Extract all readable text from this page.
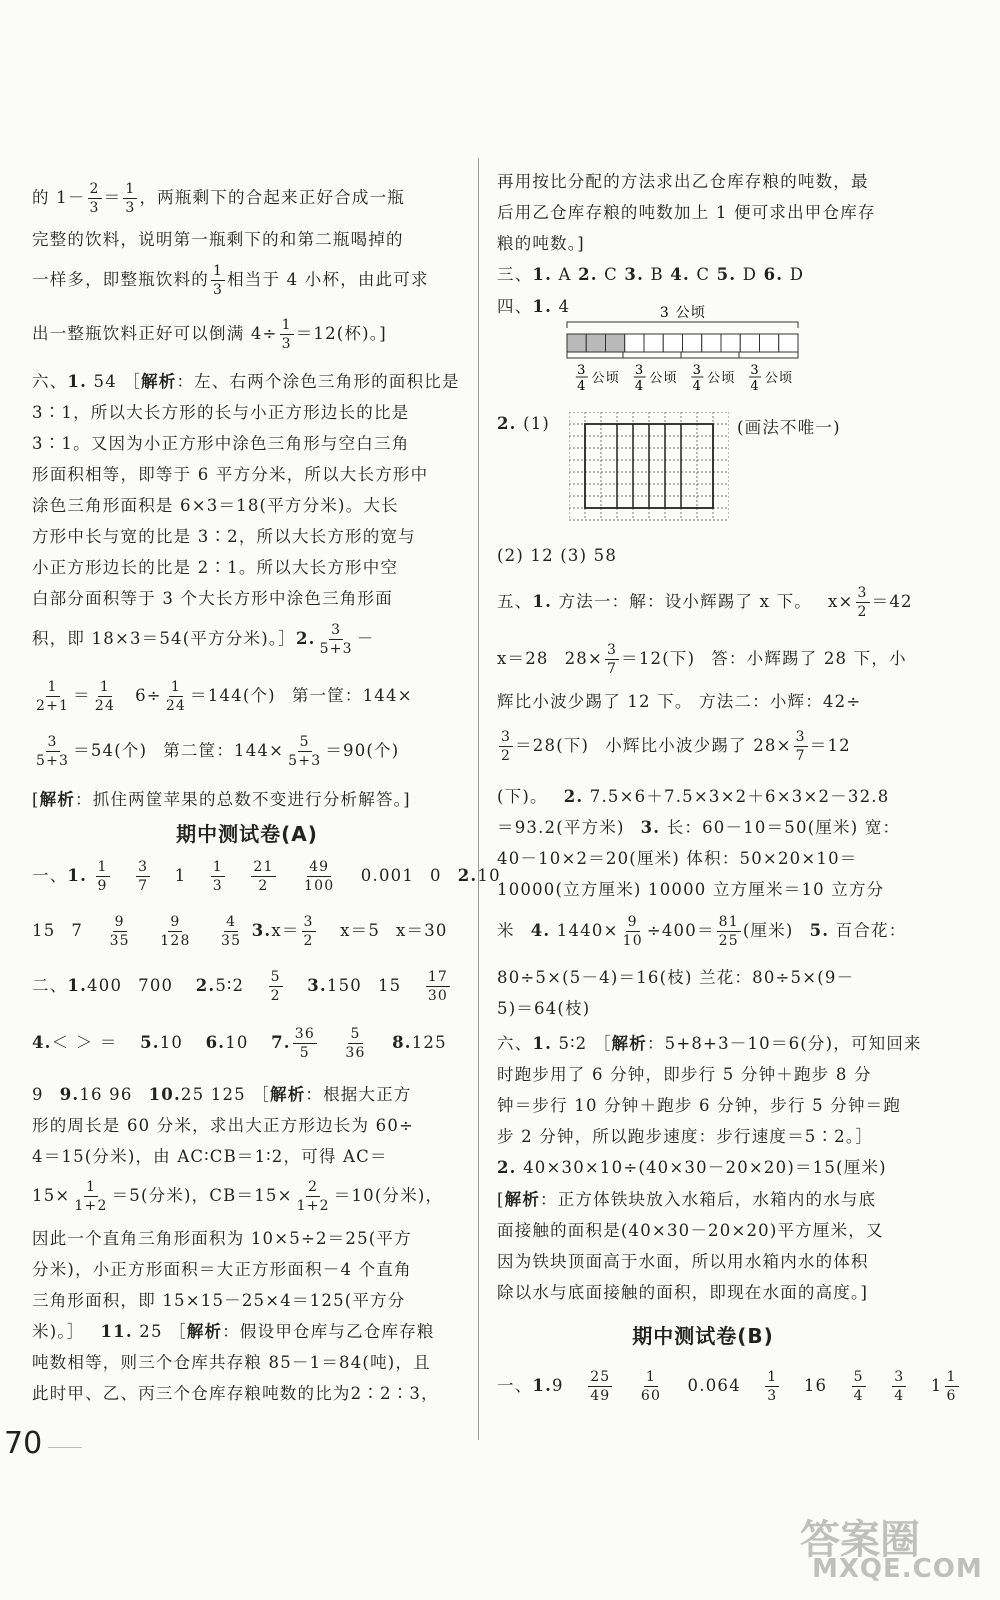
的 $1- \frac{2}{3} = \frac{1}{3}$ ，两瓶剩下的合起来正好合成一瓶
完整的饮料，说明第一瓶剩下的和第二瓶喝掉的
一样多，即整瓶饮料的 $\frac{1}{3}$ 相当于 4 小杯，由此可求
出一整瓶饮料正好可以倒满 $4\div \frac{1}{3} =12$(杯)。]
六、1. 54 ［解析：左、右两个涂色三角形的面积比是
3∶1，所以大长方形的长与小正方形边长的比是
3∶1。又因为小正方形中涂色三角形与空白三角
形面积相等，即等于 6 平方分米，所以大长方形中
涂色三角形面积是 6×3＝18(平方分米)。大长
方形中长与宽的比是 3∶2，所以大长方形的宽与
小正方形边长的比是 2∶1。所以大长方形中空
白部分面积等于 3 个大长方形中涂色三角形面
积，即 18×3＝54(平方分米)。］2. $\frac{3}{5+3}$ －
$\frac{1}{2+1} = \frac{1}{24} 6\div \frac{1}{24} =144$(个) 第一筐：144×
$\frac{3}{5+3} =54$(个) 第二筐：$144\times \frac{5}{5+3} =90$(个)
[解析：抓住两筐苹果的总数不变进行分析解答。]
期中测试卷(A)
一、1. $\frac{1}{9}$
$\frac{3}{7} 1 \frac{1}{3}$
$\frac{21}{2}$
$\frac{49}{100} 0.001$ 0 2.10
15 $7 \frac{9}{35}$
$\frac{9}{128}$
$\frac{4}{35} 3.x= \frac{3}{2} x=5$ x＝30
二、1.400 700 2.5∶2 $\frac{5}{2} 3.150$ $15 \frac{17}{30}$
4.＜ ＞ ＝ 5.10 6.10 7. $\frac{36}{5}$
$\frac{5}{36} 8.125$
9 9.16 96 10.25 125 ［解析：根据大正方
形的周长是 60 分米，求出大正方形边长为 60÷
4＝15(分米)，由 AC∶CB＝1∶2，可得 AC＝
$15\times \frac{1}{1+2} =5$(分米)，$CB=15\times \frac{2}{1+2} =10$(分米)，
因此一个直角三角形面积为 10×5÷2＝25(平方
分米)，小正方形面积＝大正方形面积－4 个直角
三角形面积，即 15×15－25×4＝125(平方分
米)。］ 11. 25 ［解析：假设甲仓库与乙仓库存粮
吨数相等，则三个仓库共存粮 85－1＝84(吨)，且
此时甲、乙、丙三个仓库存粮吨数的比为2∶2∶3，
再用按比分配的方法求出乙仓库存粮的吨数，最
后用乙仓库存粮的吨数加上 1 便可求出甲仓库存
粮的吨数。]
三、1. A 2. C 3. B 4. C 5. D 6. D
四、1. 4	3 公顷
3
4
公顷
3
4
公顷
3
4
公顷
3
4
公顷
2. (1)	(画法不唯一)
(2) 12 (3) 58
五、1. 方法一：解：设小辉踢了 x 下。 $x\times \frac{3}{2} =42$
x＝28 $28\times \frac{3}{7} =12$(下) 答：小辉踢了 28 下，小
辉比小波少踢了 12 下。 方法二：小辉：42÷
$\frac{3}{2} =28$(下) 小辉比小波少踢了 $28\times \frac{3}{7} =12$
(下)。 2. 7.5×6＋7.5×3×2＋6×3×2－32.8
＝93.2(平方米) 3. 长：60－10＝50(厘米) 宽：
40－10×2＝20(厘米) 体积：50×20×10＝
10000(立方厘米) 10000 立方厘米＝10 立方分
米 4. $1440\times \frac{9}{10} \div 400= \frac{81}{25}$ (厘米) 5. 百合花：
80÷5×(5－4)＝16(枝) 兰花：80÷5×(9－
5)＝64(枝)
六、1. 5∶2 ［解析：5+8+3－10＝6(分)，可知回来
时跑步用了 6 分钟，即步行 5 分钟＋跑步 8 分
钟＝步行 10 分钟＋跑步 6 分钟，步行 5 分钟＝跑
步 2 分钟，所以跑步速度：步行速度＝5∶2。］
2. 40×30×10÷(40×30－20×20)＝15(厘米)
[解析：正方体铁块放入水箱后，水箱内的水与底
面接触的面积是(40×30－20×20)平方厘米，又
因为铁块顶面高于水面，所以用水箱内水的体积
除以水与底面接触的面积，即现在水面的高度。]
期中测试卷(B)
一、$1.9 \frac{25}{49}$
$\frac{1}{60} 0.064 \frac{1}{3} 16 \frac{5}{4}$
$\frac{3}{4} 1 \frac{1}{6}$
70
答案圈
MXQE.COM
